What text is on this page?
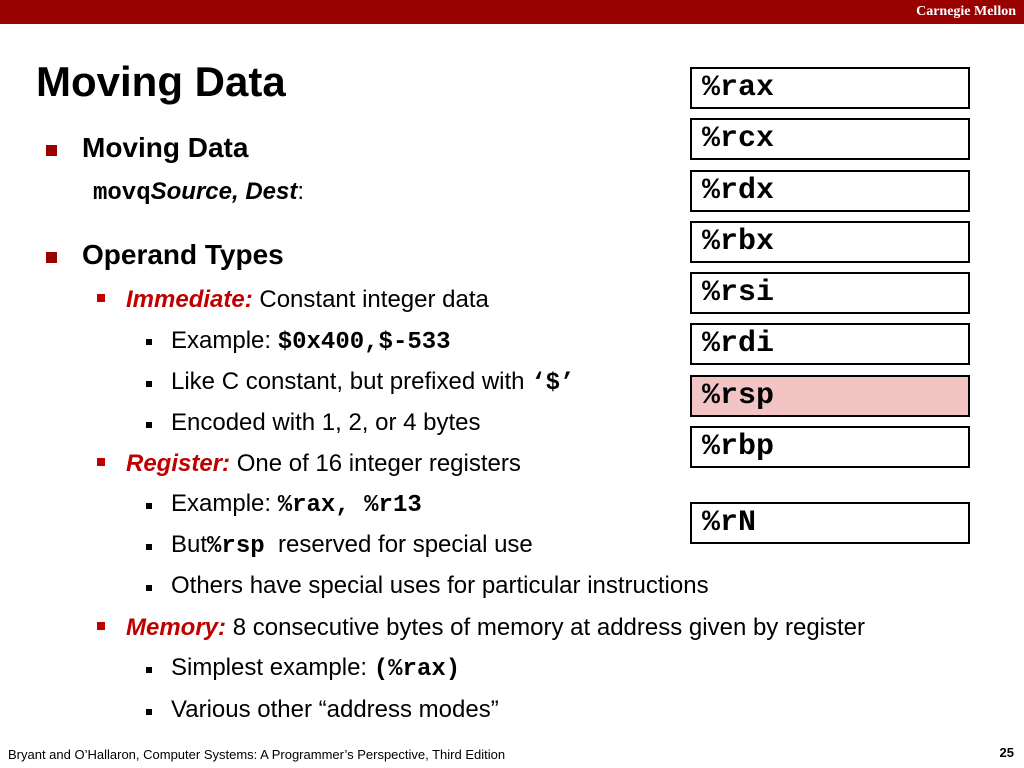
Carnegie Mellon
Moving Data
Moving Data
movqSource, Dest:
Operand Types
Immediate: Constant integer data
Example: $0x400,$-533
Like C constant, but prefixed with ‘$’
Encoded with 1, 2, or 4 bytes
Register: One of 16 integer registers
Example: %rax, %r13
But%rsp reserved for special use
Others have special uses for particular instructions
Memory: 8 consecutive bytes of memory at address given by register
Simplest example: (%rax)
Various other “address modes”
%rax
%rcx
%rdx
%rbx
%rsi
%rdi
%rsp
%rbp
%rN
Bryant and O’Hallaron, Computer Systems: A Programmer’s Perspective, Third Edition	25
